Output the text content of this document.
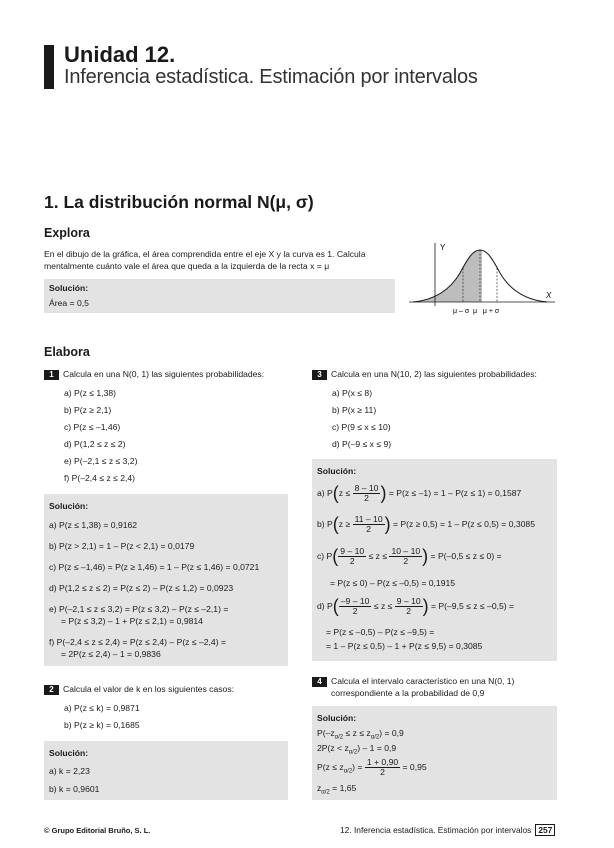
Unidad 12.
Inferencia estadística. Estimación por intervalos
1. La distribución normal N(μ, σ)
Explora
En el dibujo de la gráfica, el área comprendida entre el eje X y la curva es 1. Calcula mentalmente cuánto vale el área que queda a la izquierda de la recta x = μ
Solución:
Área = 0,5
Y
X
μ – σ  μ   μ + σ
Elabora
1 Calcula en una N(0, 1) las siguientes probabilidades:
a) P(z ≤ 1,38)
b) P(z ≥ 2,1)
c) P(z ≤ –1,46)
d) P(1,2 ≤ z ≤ 2)
e) P(–2,1 ≤ z ≤ 3,2)
f) P(–2,4 ≤ z ≤ 2,4)
Solución:
a) P(z ≤ 1,38) = 0,9162
b) P(z > 2,1) = 1 – P(z < 2,1) = 0,0179
c) P(z ≤ –1,46) = P(z ≥ 1,46) = 1 – P(z ≤ 1,46) = 0,0721
d) P(1,2 ≤ z ≤ 2) = P(z ≤ 2) – P(z ≤ 1,2) = 0,0923
e) P(–2,1 ≤ z ≤ 3,2) = P(z ≤ 3,2) – P(z ≤ –2,1) =
= P(z ≤ 3,2) – 1 + P(z ≤ 2,1) = 0,9814
f) P(–2,4 ≤ z ≤ 2,4) = P(z ≤ 2,4) – P(z ≤ –2,4) =
= 2P(z ≤ 2,4) – 1 = 0,9836
2 Calcula el valor de k en los siguientes casos:
a) P(z ≤ k) = 0,9871
b) P(z ≥ k) = 0,1685
Solución:
a) k = 2,23
b) k = 0,9601
3 Calcula en una N(10, 2) las siguientes probabilidades:
a) P(x ≤ 8)
b) P(x ≥ 11)
c) P(9 ≤ x ≤ 10)
d) P(–9 ≤ x ≤ 9)
Solución:
a) $P(z \le \frac{8 - 10}{2}$ ) = P(z ≤ –1) = 1 – P(z ≤ 1) = 0,1587
b) $P(z \ge \frac{11 - 10}{2}$ ) = P(z ≥ 0,5) = 1 – P(z ≤ 0,5) = 0,3085
c) $P( \frac{9 - 10}{2} \le z \le \frac{10 - 10}{2}$ ) = P(–0,5 ≤ z ≤ 0) =
= P(z ≤ 0) – P(z ≤ –0,5) = 0,1915
d) $P( \frac{-9 - 10}{2} \le z \le \frac{9 - 10}{2}$ ) = P(–9,5 ≤ z ≤ –0,5) =
= P(z ≤ –0,5) – P(z ≤ –9,5) =
= 1 – P(z ≤ 0,5) – 1 + P(z ≤ 9,5) = 0,3085
4 Calcula el intervalo característico en una N(0, 1)
correspondiente a la probabilidad de 0,9
Solución:
$P(-z_{\alpha/2} \le z \le z_{\alpha/2}) = 0,9$
$2P(z < z_{\alpha/2}) - 1 = 0,9$
$P(z \le z_{\alpha/2}) = \frac{1 + 0,90}{2} = 0,95$
$z_{\alpha/2} = 1,65$
© Grupo Editorial Bruño, S. L.	12. Inferencia estadística. Estimación por intervalos 257
